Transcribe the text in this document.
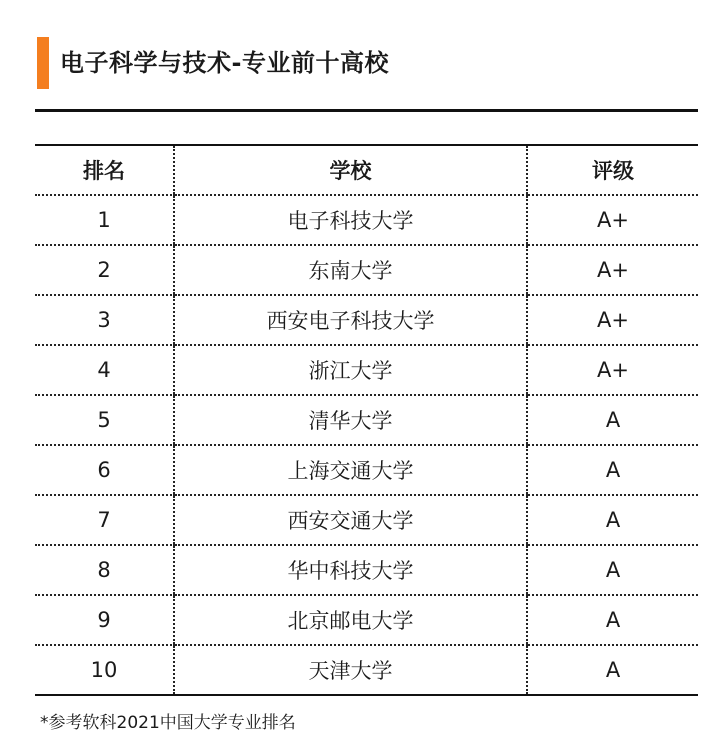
电子科学与技术-专业前十高校
排名	学校	评级
1	电子科技大学	A+
2	东南大学	A+
3	西安电子科技大学	A+
4	浙江大学	A+
5	清华大学	A
6	上海交通大学	A
7	西安交通大学	A
8	华中科技大学	A
9	北京邮电大学	A
10	天津大学	A
*参考软科2021中国大学专业排名
